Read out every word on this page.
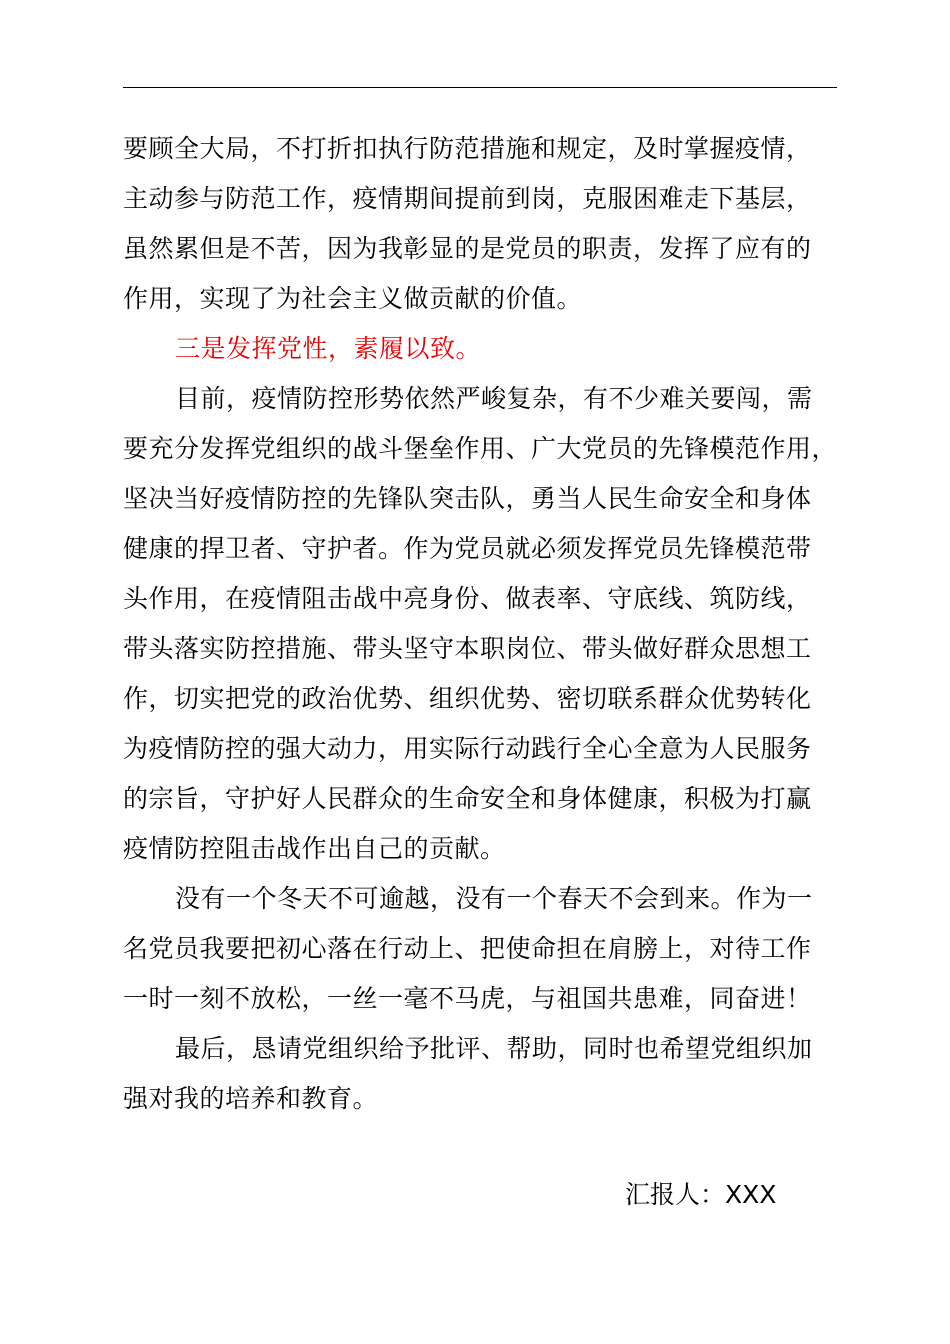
要顾全大局，不打折扣执行防范措施和规定，及时掌握疫情，
主动参与防范工作，疫情期间提前到岗，克服困难走下基层，
虽然累但是不苦，因为我彰显的是党员的职责，发挥了应有的
作用，实现了为社会主义做贡献的价值。
三是发挥党性，素履以致。
目前，疫情防控形势依然严峻复杂，有不少难关要闯，需
要充分发挥党组织的战斗堡垒作用、广大党员的先锋模范作用，
坚决当好疫情防控的先锋队突击队，勇当人民生命安全和身体
健康的捍卫者、守护者。作为党员就必须发挥党员先锋模范带
头作用，在疫情阻击战中亮身份、做表率、守底线、筑防线，
带头落实防控措施、带头坚守本职岗位、带头做好群众思想工
作，切实把党的政治优势、组织优势、密切联系群众优势转化
为疫情防控的强大动力，用实际行动践行全心全意为人民服务
的宗旨，守护好人民群众的生命安全和身体健康，积极为打赢
疫情防控阻击战作出自己的贡献。
没有一个冬天不可逾越，没有一个春天不会到来。作为一
名党员我要把初心落在行动上、把使命担在肩膀上，对待工作
一时一刻不放松，一丝一毫不马虎，与祖国共患难，同奋进！
最后，恳请党组织给予批评、帮助，同时也希望党组织加
强对我的培养和教育。
汇报人：XXX
